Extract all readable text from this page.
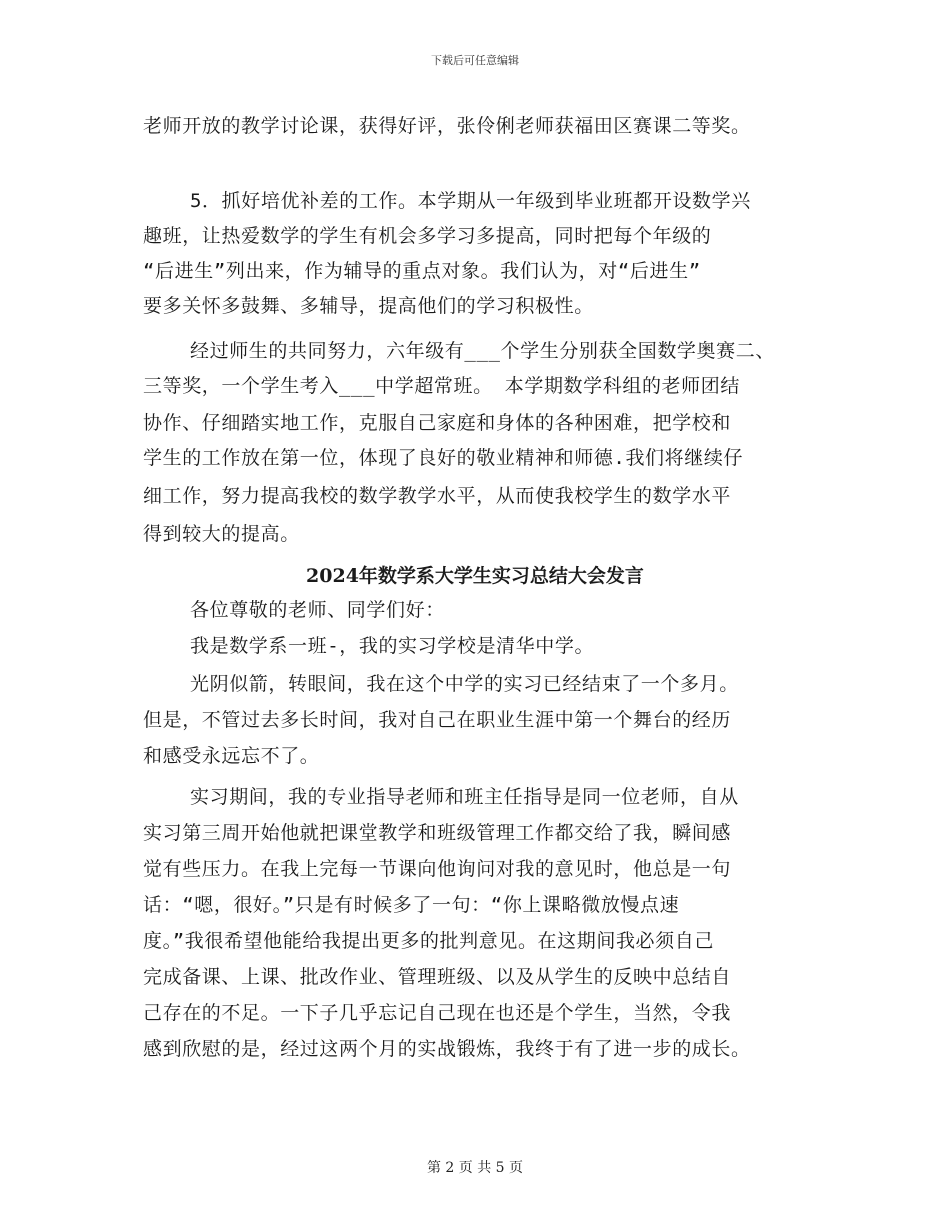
下载后可任意编辑
老师开放的教学讨论课，获得好评，张伶俐老师获福田区赛课二等奖。
5．抓好培优补差的工作。本学期从一年级到毕业班都开设数学兴
趣班，让热爱数学的学生有机会多学习多提高，同时把每个年级的
“后进生”列出来，作为辅导的重点对象。我们认为，对“后进生”
要多关怀多鼓舞、多辅导，提高他们的学习积极性。
经过师生的共同努力，六年级有___个学生分别获全国数学奥赛二、
三等奖，一个学生考入___中学超常班。 本学期数学科组的老师团结
协作、仔细踏实地工作，克服自己家庭和身体的各种困难，把学校和
学生的工作放在第一位，体现了良好的敬业精神和师德.我们将继续仔
细工作，努力提高我校的数学教学水平，从而使我校学生的数学水平
得到较大的提高。
2024年数学系大学生实习总结大会发言
各位尊敬的老师、同学们好：
我是数学系一班-，我的实习学校是清华中学。
光阴似箭，转眼间，我在这个中学的实习已经结束了一个多月。
但是，不管过去多长时间，我对自己在职业生涯中第一个舞台的经历
和感受永远忘不了。
实习期间，我的专业指导老师和班主任指导是同一位老师，自从
实习第三周开始他就把课堂教学和班级管理工作都交给了我，瞬间感
觉有些压力。在我上完每一节课向他询问对我的意见时，他总是一句
话：“嗯，很好。”只是有时候多了一句：“你上课略微放慢点速
度。”我很希望他能给我提出更多的批判意见。在这期间我必须自己
完成备课、上课、批改作业、管理班级、以及从学生的反映中总结自
己存在的不足。一下子几乎忘记自己现在也还是个学生，当然，令我
感到欣慰的是，经过这两个月的实战锻炼，我终于有了进一步的成长。
第 2 页 共 5 页
